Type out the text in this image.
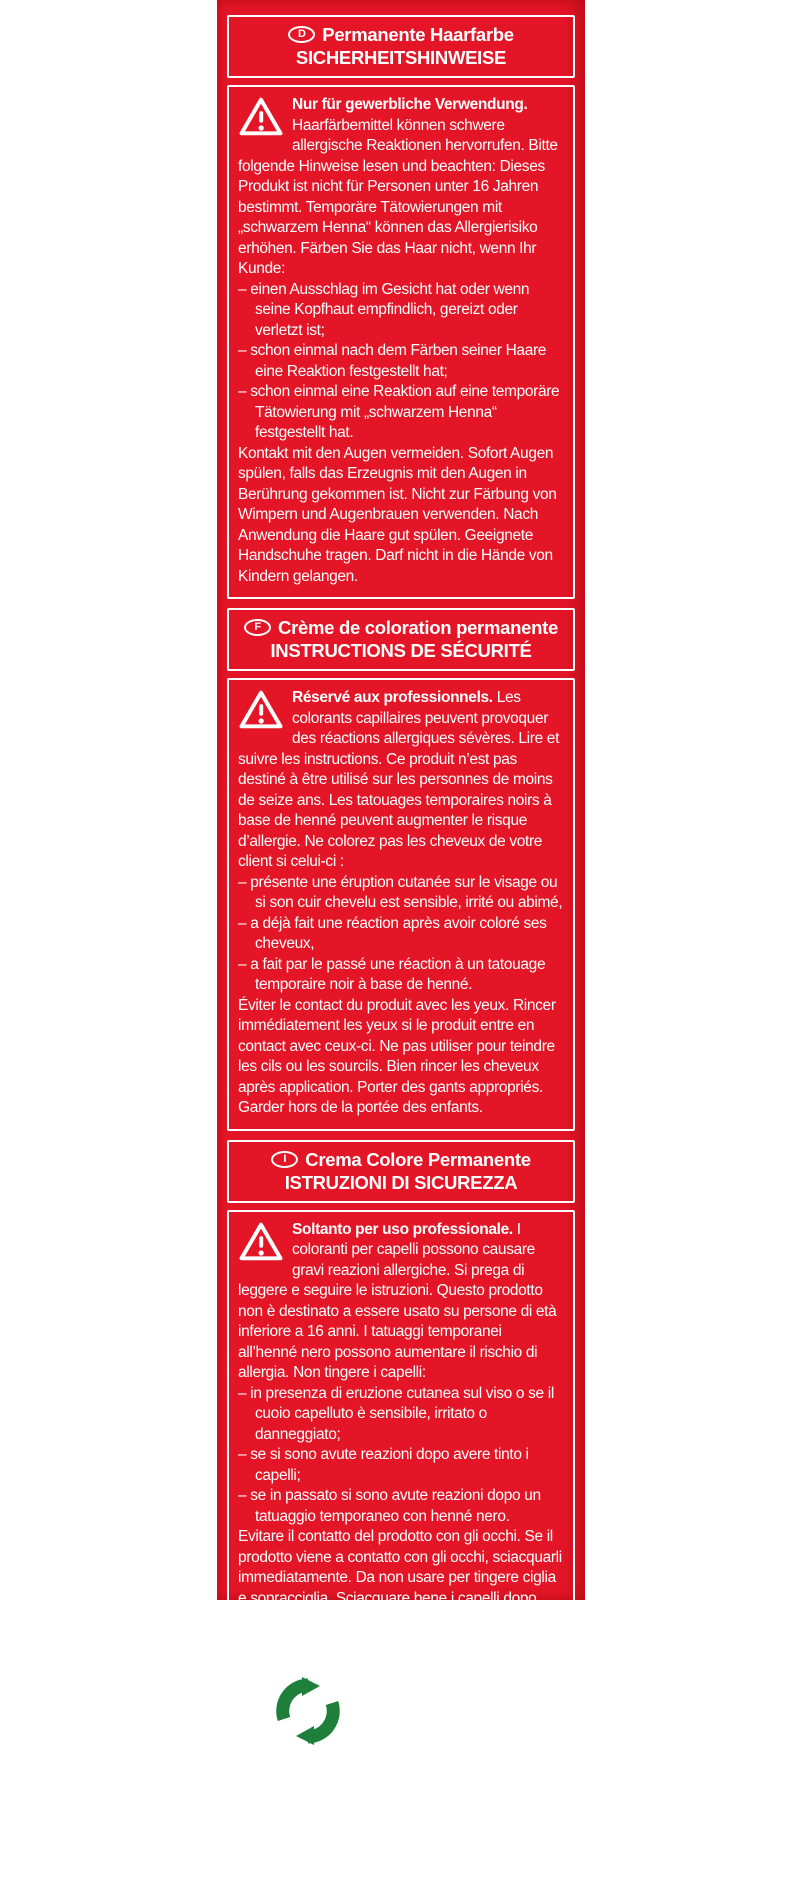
D Permanente Haarfarbe
SICHERHEITSHINWEISE
Nur für gewerbliche Verwendung. Haarfärbemittel können schwere allergische Reaktionen hervorrufen. Bitte folgende Hinweise lesen und beachten: Dieses Produkt ist nicht für Personen unter 16 Jahren bestimmt. Temporäre Tätowierungen mit „schwarzem Henna“ können das Allergierisiko erhöhen. Färben Sie das Haar nicht, wenn Ihr Kunde:
– einen Ausschlag im Gesicht hat oder wenn seine Kopfhaut empfindlich, gereizt oder verletzt ist;
– schon einmal nach dem Färben seiner Haare eine Reaktion festgestellt hat;
– schon einmal eine Reaktion auf eine temporäre Tätowierung mit „schwarzem Henna“ festgestellt hat.
Kontakt mit den Augen vermeiden. Sofort Augen spülen, falls das Erzeugnis mit den Augen in Berührung gekommen ist. Nicht zur Färbung von Wimpern und Augenbrauen verwenden. Nach Anwendung die Haare gut spülen. Geeignete Handschuhe tragen. Darf nicht in die Hände von Kindern gelangen.
F Crème de coloration permanente
INSTRUCTIONS DE SÉCURITÉ
Réservé aux professionnels. Les colorants capillaires peuvent provoquer des réactions allergiques sévères. Lire et suivre les instructions. Ce produit n’est pas destiné à être utilisé sur les personnes de moins de seize ans. Les tatouages temporaires noirs à base de henné peuvent augmenter le risque d’allergie. Ne colorez pas les cheveux de votre client si celui-ci :
– présente une éruption cutanée sur le visage ou si son cuir chevelu est sensible, irrité ou abimé,
– a déjà fait une réaction après avoir coloré ses cheveux,
– a fait par le passé une réaction à un tatouage temporaire noir à base de henné.
Éviter le contact du produit avec les yeux. Rincer immédiatement les yeux si le produit entre en contact avec ceux-ci. Ne pas utiliser pour teindre les cils ou les sourcils. Bien rincer les cheveux après application. Porter des gants appropriés. Garder hors de la portée des enfants.
I	Crema Colore Permanente
ISTRUZIONI DI SICUREZZA
Soltanto per uso professionale. I coloranti per capelli possono causare gravi reazioni allergiche. Si prega di leggere e seguire le istruzioni. Questo prodotto non è destinato a essere usato su persone di età inferiore a 16 anni. I tatuaggi temporanei all’henné nero possono aumentare il rischio di allergia. Non tingere i capelli:
– in presenza di eruzione cutanea sul viso o se il cuoio capelluto è sensibile, irritato o danneggiato;
– se si sono avute reazioni dopo avere tinto i capelli;
– se in passato si sono avute reazioni dopo un tatuaggio temporaneo con henné nero.
Evitare il contatto del prodotto con gli occhi. Se il prodotto viene a contatto con gli occhi, sciacquarli immediatamente. Da non usare per tingere ciglia e sopracciglia. Sciacquare bene i capelli dopo l’applicazione. Portare guanti adeguati. Tenere fuori dalla portata dei bambini.
21
PAP
Hans Schwarzkopf & Henkel GmbH,
Hohenzollernring 127–129,
22763 Hamburg, Germany
Made in Germany
www.schwarzkopf-professional.com
